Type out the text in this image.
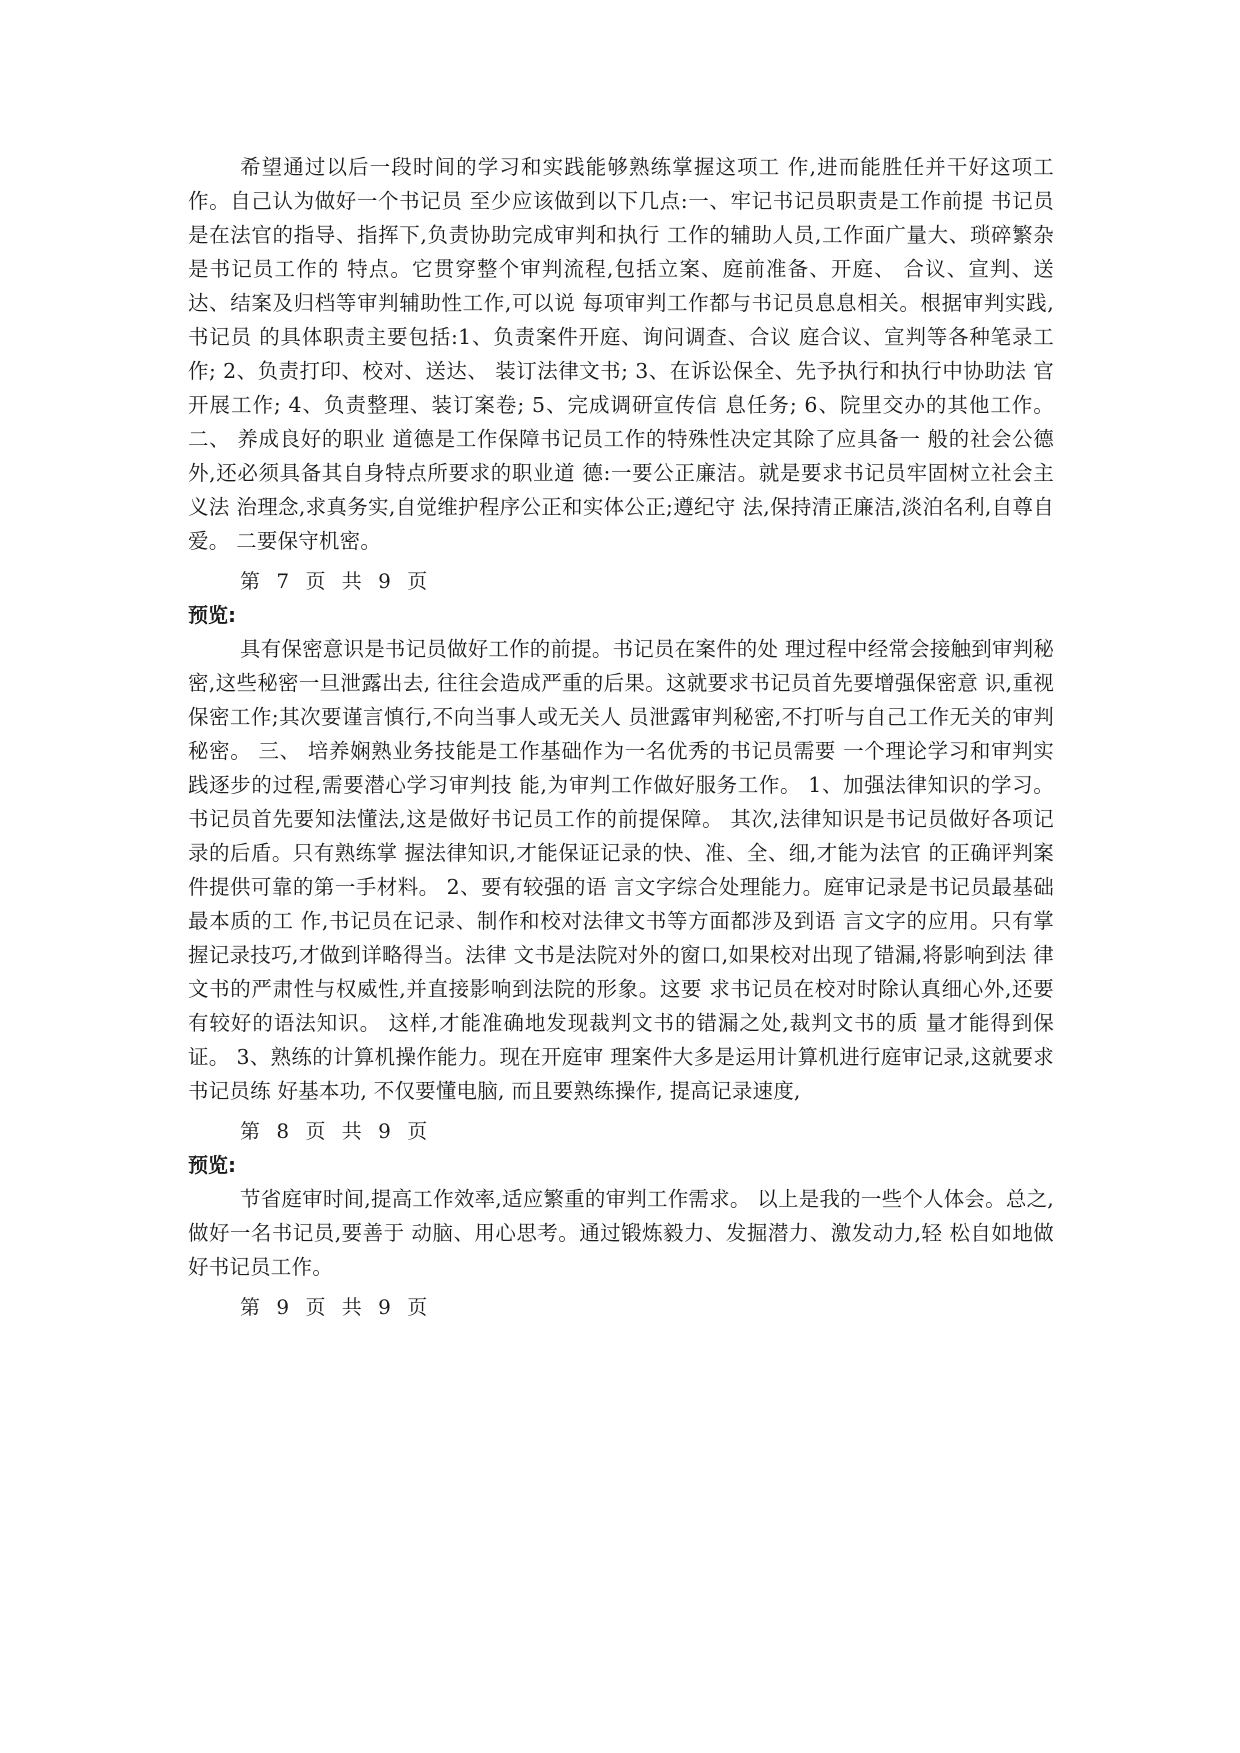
希望通过以后一段时间的学习和实践能够熟练掌握这项工 作,进而能胜任并干好这项工作。自己认为做好一个书记员 至少应该做到以下几点:一、牢记书记员职责是工作前提 书记员是在法官的指导、指挥下,负责协助完成审判和执行 工作的辅助人员,工作面广量大、琐碎繁杂是书记员工作的 特点。它贯穿整个审判流程,包括立案、庭前准备、开庭、 合议、宣判、送达、结案及归档等审判辅助性工作,可以说 每项审判工作都与书记员息息相关。根据审判实践,书记员 的具体职责主要包括:1、负责案件开庭、询问调查、合议 庭合议、宣判等各种笔录工作; 2、负责打印、校对、送达、 装订法律文书; 3、在诉讼保全、先予执行和执行中协助法 官开展工作; 4、负责整理、装订案卷; 5、完成调研宣传信 息任务; 6、院里交办的其他工作。 二、 养成良好的职业 道德是工作保障书记员工作的特殊性决定其除了应具备一 般的社会公德外,还必须具备其自身特点所要求的职业道 德:一要公正廉洁。就是要求书记员牢固树立社会主义法 治理念,求真务实,自觉维护程序公正和实体公正;遵纪守 法,保持清正廉洁,淡泊名利,自尊自爱。 二要保守机密。

第 7 页 共 9 页

预览:

具有保密意识是书记员做好工作的前提。书记员在案件的处 理过程中经常会接触到审判秘密,这些秘密一旦泄露出去, 往往会造成严重的后果。这就要求书记员首先要增强保密意 识,重视保密工作;其次要谨言慎行,不向当事人或无关人 员泄露审判秘密,不打听与自己工作无关的审判秘密。 三、 培养娴熟业务技能是工作基础作为一名优秀的书记员需要 一个理论学习和审判实践逐步的过程,需要潜心学习审判技 能,为审判工作做好服务工作。 1、加强法律知识的学习。 书记员首先要知法懂法,这是做好书记员工作的前提保障。 其次,法律知识是书记员做好各项记录的后盾。只有熟练掌 握法律知识,才能保证记录的快、准、全、细,才能为法官 的正确评判案件提供可靠的第一手材料。 2、要有较强的语 言文字综合处理能力。庭审记录是书记员最基础最本质的工 作,书记员在记录、制作和校对法律文书等方面都涉及到语 言文字的应用。只有掌握记录技巧,才做到详略得当。法律 文书是法院对外的窗口,如果校对出现了错漏,将影响到法 律文书的严肃性与权威性,并直接影响到法院的形象。这要 求书记员在校对时除认真细心外,还要有较好的语法知识。 这样,才能准确地发现裁判文书的错漏之处,裁判文书的质 量才能得到保证。 3、熟练的计算机操作能力。现在开庭审 理案件大多是运用计算机进行庭审记录,这就要求书记员练 好基本功, 不仅要懂电脑, 而且要熟练操作, 提高记录速度,

第 8 页 共 9 页

预览:

节省庭审时间,提高工作效率,适应繁重的审判工作需求。 以上是我的一些个人体会。总之,做好一名书记员,要善于 动脑、用心思考。通过锻炼毅力、发掘潜力、激发动力,轻 松自如地做好书记员工作。

第 9 页 共 9 页
